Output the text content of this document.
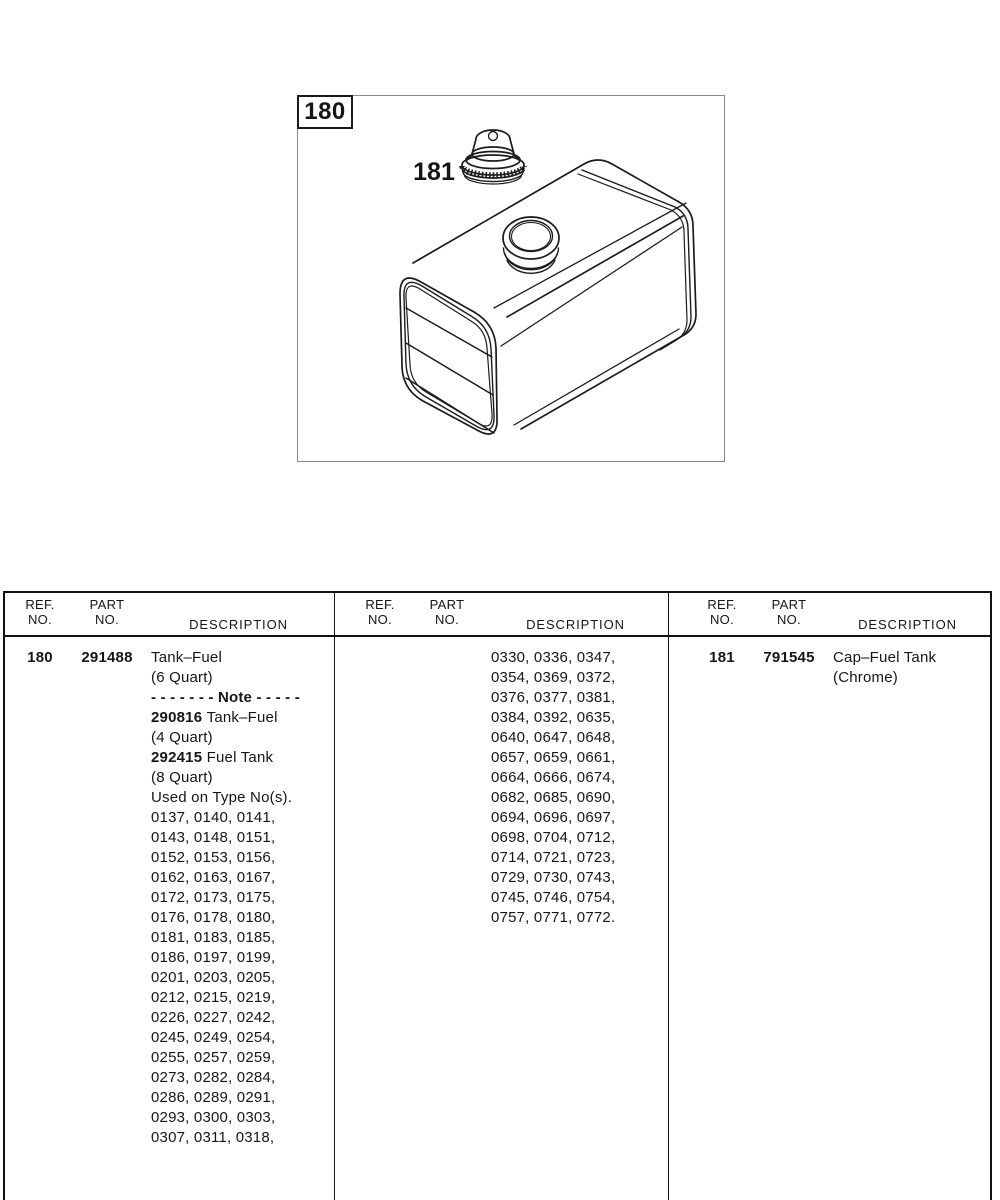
181
180
REF.
NO.
PART
NO.	DESCRIPTION
180	291488	Tank–Fuel
(6 Quart)
- - - - - - - Note - - - - -
290816 Tank–Fuel
(4 Quart)
292415 Fuel Tank
(8 Quart)
Used on Type No(s).
0137, 0140, 0141,
0143, 0148, 0151,
0152, 0153, 0156,
0162, 0163, 0167,
0172, 0173, 0175,
0176, 0178, 0180,
0181, 0183, 0185,
0186, 0197, 0199,
0201, 0203, 0205,
0212, 0215, 0219,
0226, 0227, 0242,
0245, 0249, 0254,
0255, 0257, 0259,
0273, 0282, 0284,
0286, 0289, 0291,
0293, 0300, 0303,
0307, 0311, 0318,
REF.
NO.
PART
NO.	DESCRIPTION
0330, 0336, 0347,
0354, 0369, 0372,
0376, 0377, 0381,
0384, 0392, 0635,
0640, 0647, 0648,
0657, 0659, 0661,
0664, 0666, 0674,
0682, 0685, 0690,
0694, 0696, 0697,
0698, 0704, 0712,
0714, 0721, 0723,
0729, 0730, 0743,
0745, 0746, 0754,
0757, 0771, 0772.
REF.
NO.
PART
NO.	DESCRIPTION
181	791545	Cap–Fuel Tank
(Chrome)
